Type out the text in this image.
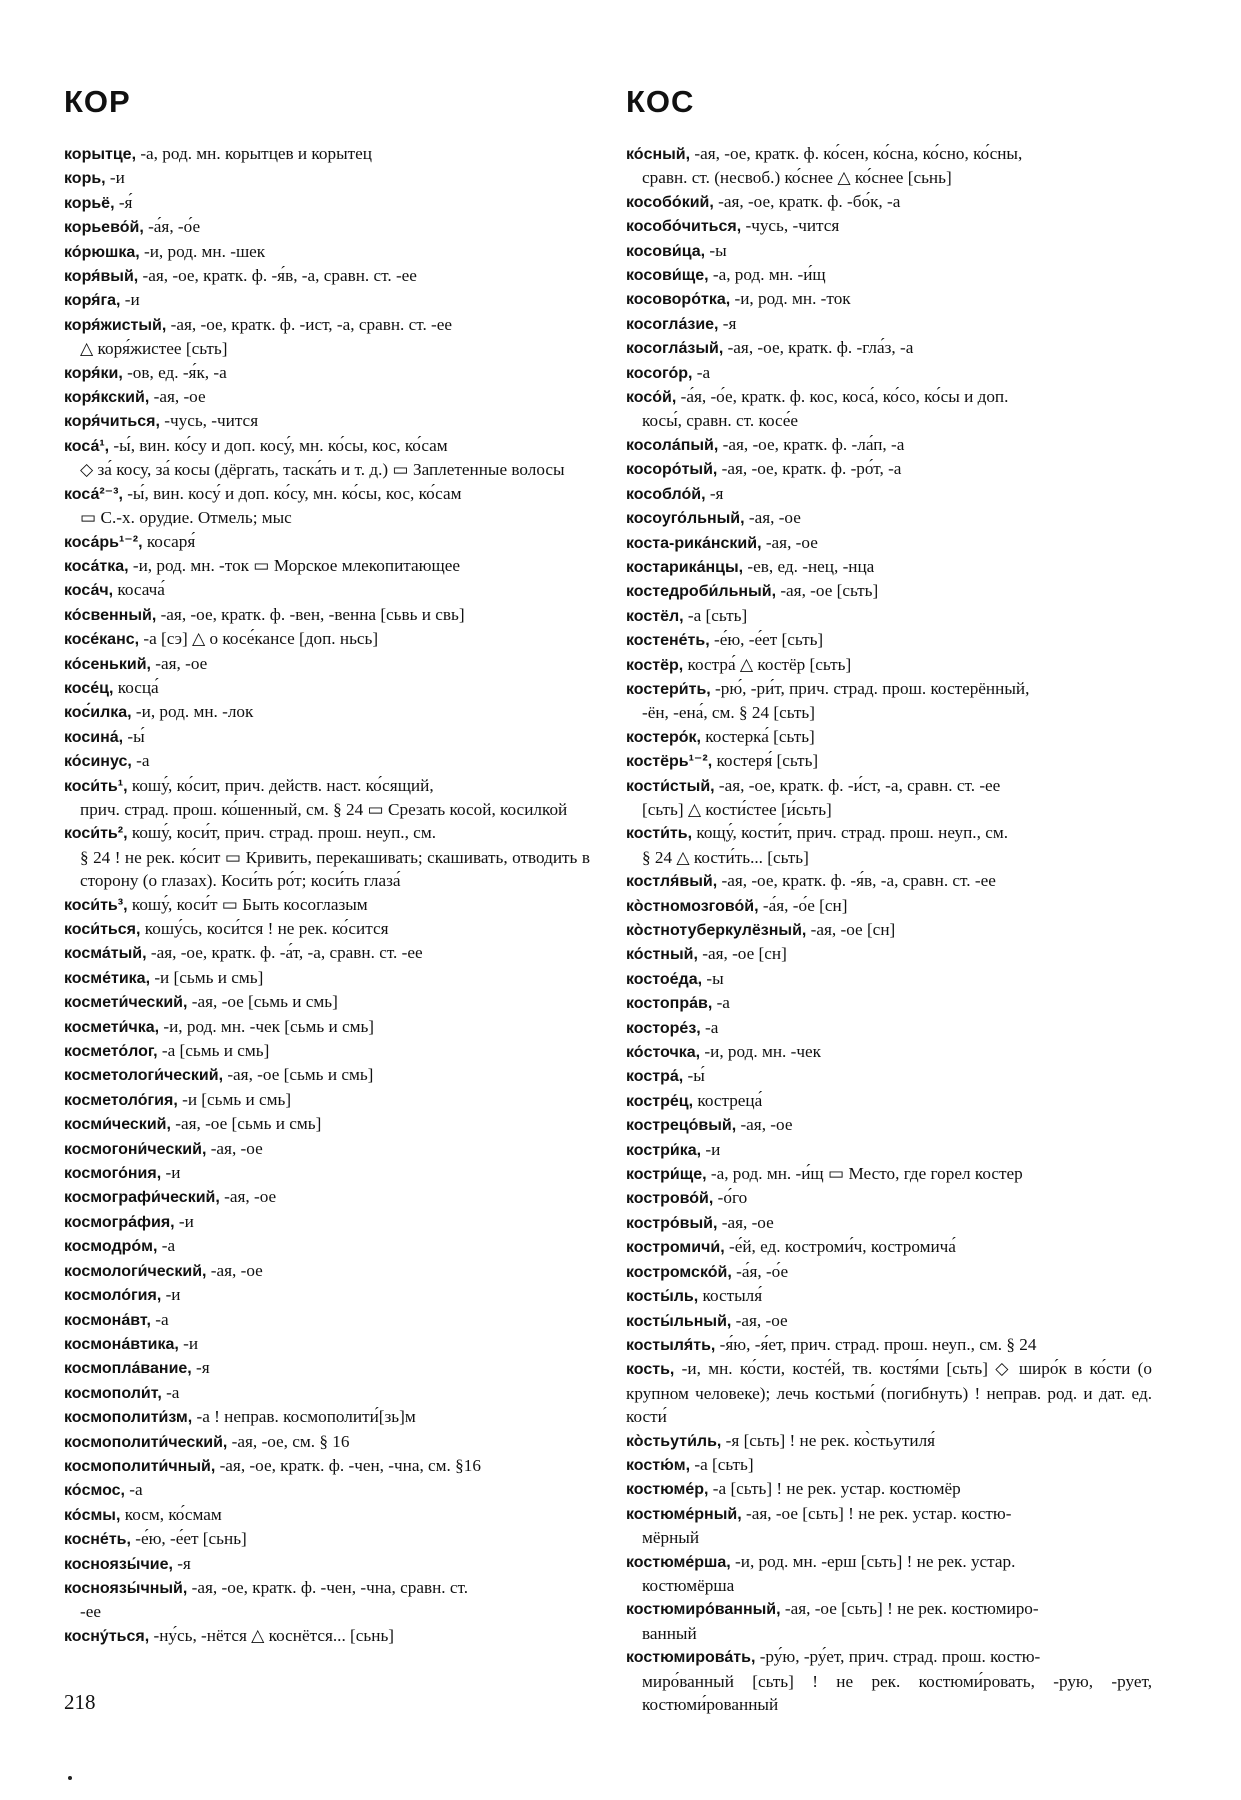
КОР	КОС
корытце, -а, род. мн. корытцев и корытец
корь, -и
корьё, -я́
корьево́й, -а́я, -о́е
ко́рюшка, -и, род. мн. -шек
коря́вый, -ая, -ое, кратк. ф. -я́в, -а, сравн. ст. -ее
коря́га, -и
коря́жистый, -ая, -ое, кратк. ф. -ист, -а, сравн. ст. -ее
△ коря́жистее [сьть]
коря́ки, -ов, ед. -я́к, -а
коря́кский, -ая, -ое
коря́читься, -чусь, -чится
коса́¹, -ы́, вин. ко́су и доп. косу́, мн. ко́сы, кос, ко́сам
◇ за́ косу, за́ косы (дёргать, таска́ть и т. д.) ▭ Заплетенные волосы
коса́²⁻³, -ы́, вин. косу́ и доп. ко́су, мн. ко́сы, кос, ко́сам
▭ С.-х. орудие. Отмель; мыс
коса́рь¹⁻², косаря́
коса́тка, -и, род. мн. -ток ▭ Морское млекопитающее
коса́ч, косача́
ко́свенный, -ая, -ое, кратк. ф. -вен, -венна [сьвь и свь]
косе́канс, -а [сэ] △ о косе́кансе [доп. ньсь]
ко́сенький, -ая, -ое
косе́ц, косца́
кос́илка, -и, род. мн. -лок
косина́, -ы́
ко́синус, -а
коси́ть¹, кошу́, ко́сит, прич. действ. наст. ко́сящий,
прич. страд. прош. ко́шенный, см. § 24 ▭ Срезать косой, косилкой
коси́ть², кошу́, коси́т, прич. страд. прош. неуп., см.
§ 24 ! не рек. ко́сит ▭ Кривить, перекашивать; скашивать, отводить в сторону (о глазах). Коси́ть ро́т; коси́ть глаза́
коси́ть³, кошу́, коси́т ▭ Быть косоглазым
коси́ться, кошу́сь, коси́тся ! не рек. ко́сится
косма́тый, -ая, -ое, кратк. ф. -а́т, -а, сравн. ст. -ее
косме́тика, -и [сьмь и смь]
космети́ческий, -ая, -ое [сьмь и смь]
космети́чка, -и, род. мн. -чек [сьмь и смь]
космето́лог, -а [сьмь и смь]
косметологи́ческий, -ая, -ое [сьмь и смь]
косметоло́гия, -и [сьмь и смь]
косми́ческий, -ая, -ое [сьмь и смь]
космогони́ческий, -ая, -ое
космого́ния, -и
космографи́ческий, -ая, -ое
космогра́фия, -и
космодро́м, -а
космологи́ческий, -ая, -ое
космоло́гия, -и
космона́вт, -а
космона́втика, -и
космопла́вание, -я
космополи́т, -а
космополити́зм, -а ! неправ. космополити́[зь]м
космополити́ческий, -ая, -ое, см. § 16
космополити́чный, -ая, -ое, кратк. ф. -чен, -чна, см. §16
ко́смос, -а
ко́смы, косм, ко́смам
косне́ть, -е́ю, -е́ет [сьнь]
косноязы́чие, -я
косноязы́чный, -ая, -ое, кратк. ф. -чен, -чна, сравн. ст.
-ее
косну́ться, -ну́сь, -нётся △ коснётся... [сьнь]
ко́сный, -ая, -ое, кратк. ф. ко́сен, ко́сна, ко́сно, ко́сны,
сравн. ст. (несвоб.) ко́снее △ ко́снее [сьнь]
кособо́кий, -ая, -ое, кратк. ф. -бо́к, -а
кособо́читься, -чусь, -чится
косови́ца, -ы
косови́ще, -а, род. мн. -и́щ
косоворо́тка, -и, род. мн. -ток
косогла́зие, -я
косогла́зый, -ая, -ое, кратк. ф. -гла́з, -а
косого́р, -а
косо́й, -а́я, -о́е, кратк. ф. кос, коса́, ко́со, ко́сы и доп.
косы́, сравн. ст. косе́е
косола́пый, -ая, -ое, кратк. ф. -ла́п, -а
косоро́тый, -ая, -ое, кратк. ф. -ро́т, -а
кособло́й, -я
косоуго́льный, -ая, -ое
коста-рика́нский, -ая, -ое
костарика́нцы, -ев, ед. -нец, -нца
костедроби́льный, -ая, -ое [сьть]
костёл, -а [сьть]
костене́ть, -е́ю, -е́ет [сьть]
костёр, костра́ △ костёр [сьть]
костери́ть, -рю́, -ри́т, прич. страд. прош. костерённый,
-ён, -ена́, см. § 24 [сьть]
костеро́к, костерка́ [сьть]
костёрь¹⁻², костеря́ [сьть]
кости́стый, -ая, -ое, кратк. ф. -и́ст, -а, сравн. ст. -ее
[сьть] △ кости́стее [и́сьть]
кости́ть, кощу́, кости́т, прич. страд. прош. неуп., см.
§ 24 △ кости́ть... [сьть]
костля́вый, -ая, -ое, кратк. ф. -я́в, -а, сравн. ст. -ее
ко̀стномозгово́й, -а́я, -о́е [сн]
ко̀стнотуберкулёзный, -ая, -ое [сн]
ко́стный, -ая, -ое [сн]
костое́да, -ы
костопра́в, -а
косторе́з, -а
ко́сточка, -и, род. мн. -чек
костра́, -ы́
костре́ц, костреца́
кострецо́вый, -ая, -ое
костри́ка, -и
костри́ще, -а, род. мн. -и́щ ▭ Место, где горел костер
кострово́й, -о́го
костро́вый, -ая, -ое
костромичи́, -е́й, ед. костроми́ч, костромича́
костромско́й, -а́я, -о́е
косты́ль, костыля́
косты́льный, -ая, -ое
костыля́ть, -я́ю, -я́ет, прич. страд. прош. неуп., см. § 24
кость, -и, мн. ко́сти, косте́й, тв. костя́ми [сьть] ◇ широ́к в ко́сти (о крупном человеке); лечь костьми́ (погибнуть) ! неправ. род. и дат. ед. кости́
ко̀стьути́ль, -я [сьть] ! не рек. ко̀стьутиля́
костю́м, -а [сьть]
костюме́р, -а [сьть] ! не рек. устар. костюмёр
костюме́рный, -ая, -ое [сьть] ! не рек. устар. костю-
мёрный
костюме́рша, -и, род. мн. -ерш [сьть] ! не рек. устар.
костюмёрша
костюмиро́ванный, -ая, -ое [сьть] ! не рек. костюмиро-
ванный
костюмирова́ть, -ру́ю, -ру́ет, прич. страд. прош. костю-
миро́ванный [сьть] ! не рек. костюми́ровать, -рую, -рует, костюми́рованный
218
